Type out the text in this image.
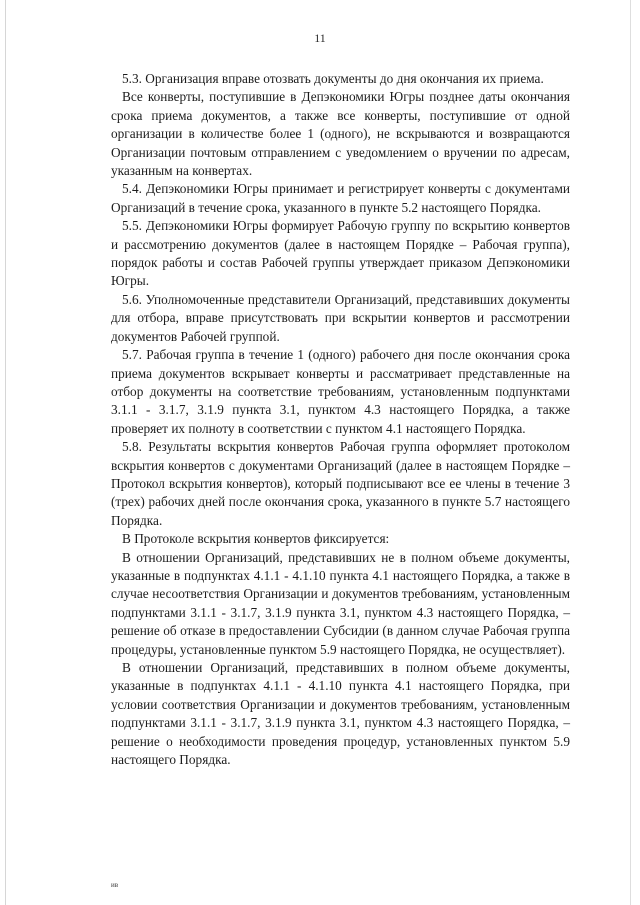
11

5.3. Организация вправе отозвать документы до дня окончания их приема.

Все конверты, поступившие в Депэкономики Югры позднее даты окончания срока приема документов, а также все конверты, поступившие от одной организации в количестве более 1 (одного), не вскрываются и возвращаются Организации почтовым отправлением с уведомлением о вручении по адресам, указанным на конвертах.

5.4. Депэкономики Югры принимает и регистрирует конверты с документами Организаций в течение срока, указанного в пункте 5.2 настоящего Порядка.

5.5. Депэкономики Югры формирует Рабочую группу по вскрытию конвертов и рассмотрению документов (далее в настоящем Порядке – Рабочая группа), порядок работы и состав Рабочей группы утверждает приказом Депэкономики Югры.

5.6. Уполномоченные представители Организаций, представивших документы для отбора, вправе присутствовать при вскрытии конвертов и рассмотрении документов Рабочей группой.

5.7. Рабочая группа в течение 1 (одного) рабочего дня после окончания срока приема документов вскрывает конверты и рассматривает представленные на отбор документы на соответствие требованиям, установленным подпунктами 3.1.1 - 3.1.7, 3.1.9 пункта 3.1, пунктом 4.3 настоящего Порядка, а также проверяет их полноту в соответствии с пунктом 4.1 настоящего Порядка.

5.8. Результаты вскрытия конвертов Рабочая группа оформляет протоколом вскрытия конвертов с документами Организаций (далее в настоящем Порядке – Протокол вскрытия конвертов), который подписывают все ее члены в течение 3 (трех) рабочих дней после окончания срока, указанного в пункте 5.7 настоящего Порядка.

В Протоколе вскрытия конвертов фиксируется:

В отношении Организаций, представивших не в полном объеме документы, указанные в подпунктах 4.1.1 - 4.1.10 пункта 4.1 настоящего Порядка, а также в случае несоответствия Организации и документов требованиям, установленным подпунктами 3.1.1 - 3.1.7, 3.1.9 пункта 3.1, пунктом 4.3 настоящего Порядка, – решение об отказе в предоставлении Субсидии (в данном случае Рабочая группа процедуры, установленные пунктом 5.9 настоящего Порядка, не осуществляет).

В отношении Организаций, представивших в полном объеме документы, указанные в подпунктах 4.1.1 - 4.1.10 пункта 4.1 настоящего Порядка, при условии соответствия Организации и документов требованиям, установленным подпунктами 3.1.1 - 3.1.7, 3.1.9 пункта 3.1, пунктом 4.3 настоящего Порядка, – решение о необходимости проведения процедур, установленных пунктом 5.9 настоящего Порядка.

ив
